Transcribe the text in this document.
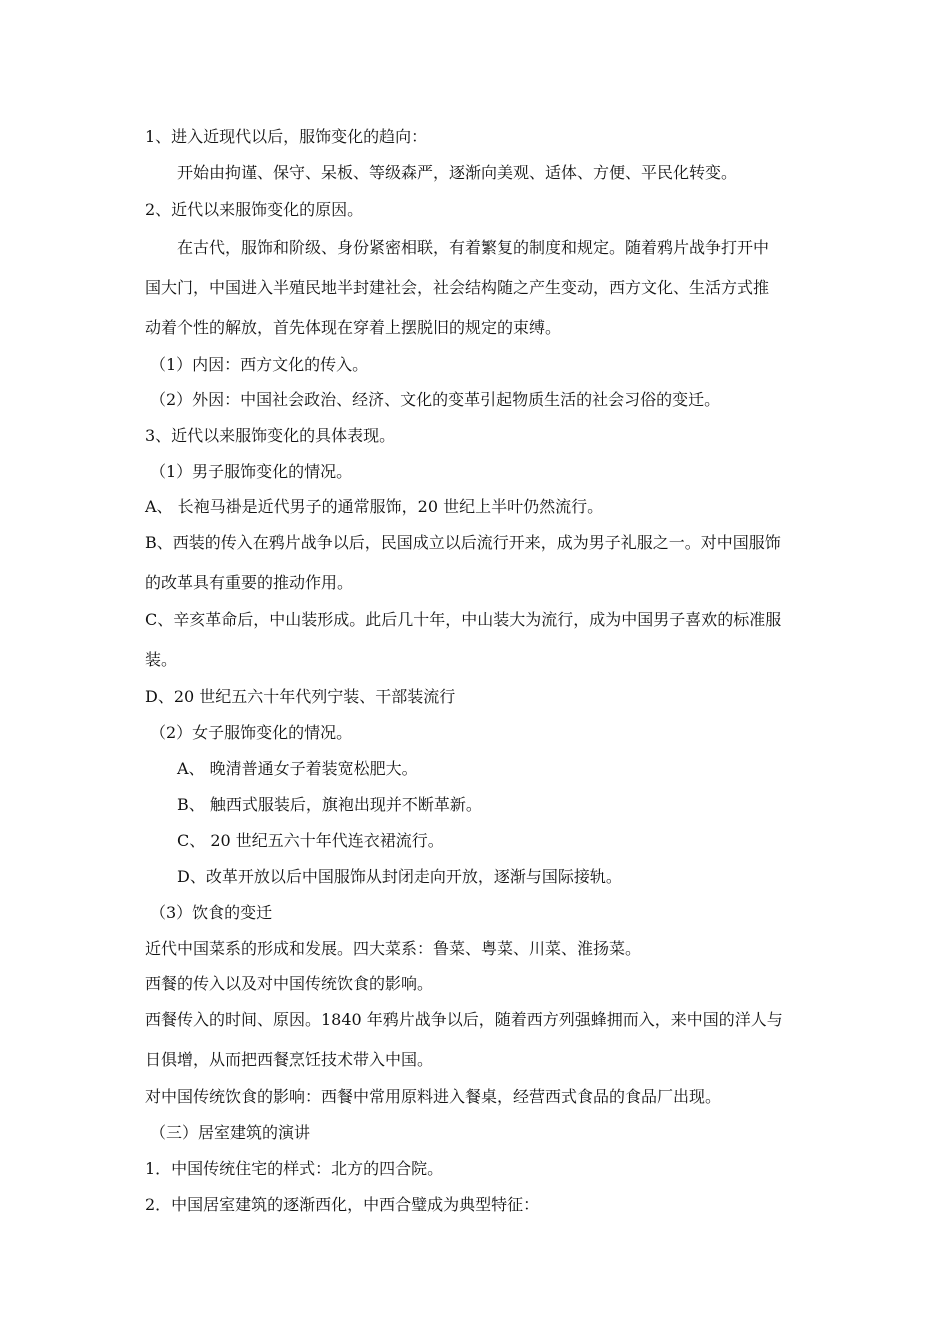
1、进入近现代以后，服饰变化的趋向：
开始由拘谨、保守、呆板、等级森严，逐渐向美观、适体、方便、平民化转变。
2、近代以来服饰变化的原因。
在古代，服饰和阶级、身份紧密相联，有着繁复的制度和规定。随着鸦片战争打开中
国大门，中国进入半殖民地半封建社会，社会结构随之产生变动，西方文化、生活方式推
动着个性的解放，首先体现在穿着上摆脱旧的规定的束缚。
（1）内因：西方文化的传入。
（2）外因：中国社会政治、经济、文化的变革引起物质生活的社会习俗的变迁。
3、近代以来服饰变化的具体表现。
（1）男子服饰变化的情况。
A、 长袍马褂是近代男子的通常服饰，20 世纪上半叶仍然流行。
B、西装的传入在鸦片战争以后，民国成立以后流行开来，成为男子礼服之一。对中国服饰
的改革具有重要的推动作用。
C、辛亥革命后，中山装形成。此后几十年，中山装大为流行，成为中国男子喜欢的标准服
装。
D、20 世纪五六十年代列宁装、干部装流行
（2）女子服饰变化的情况。
A、 晚清普通女子着装宽松肥大。
B、 触西式服装后，旗袍出现并不断革新。
C、 20 世纪五六十年代连衣裙流行。
D、改革开放以后中国服饰从封闭走向开放，逐渐与国际接轨。
（3）饮食的变迁
近代中国菜系的形成和发展。四大菜系：鲁菜、粤菜、川菜、淮扬菜。
西餐的传入以及对中国传统饮食的影响。
西餐传入的时间、原因。1840 年鸦片战争以后，随着西方列强蜂拥而入，来中国的洋人与
日俱增，从而把西餐烹饪技术带入中国。
对中国传统饮食的影响：西餐中常用原料进入餐桌，经营西式食品的食品厂出现。
（三）居室建筑的演讲
1．中国传统住宅的样式：北方的四合院。
2．中国居室建筑的逐渐西化，中西合璧成为典型特征：
